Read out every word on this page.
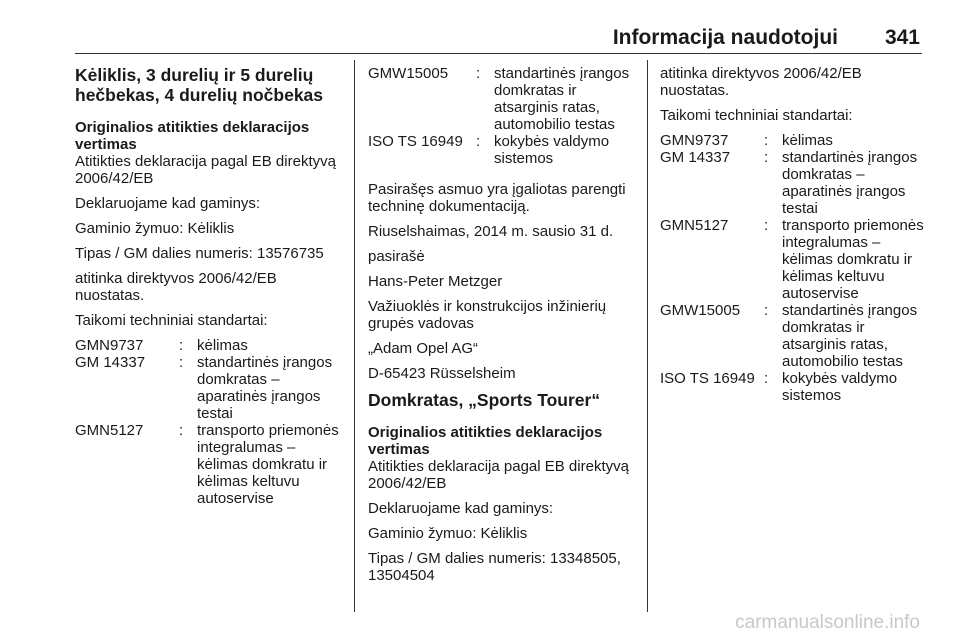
Informacija naudotojui 341
Kėliklis, 3 durelių ir 5 durelių hečbekas, 4 durelių nočbekas
Originalios atitikties deklaracijos vertimas

Atitikties deklaracija pagal EB direktyvą 2006/42/EB

Deklaruojame kad gaminys:

Gaminio žymuo: Kėliklis

Tipas / GM dalies numeris: 13576735

atitinka direktyvos 2006/42/EB nuostatas.

Taikomi techniniai standartai:

GMN9737	:	kėlimas
GM 14337	:	standartinės įrangos domkratas – aparatinės įrangos testai
GMN5127	:	transporto priemonės integralumas – kėlimas domkratu ir kėlimas keltuvu autoservise
GMW15005	:	standartinės įrangos domkratas ir atsarginis ratas, automobilio testas
ISO TS 16949	:	kokybės valdymo sistemos

Pasirašęs asmuo yra įgaliotas parengti techninę dokumentaciją.

Riuselshaimas, 2014 m. sausio 31 d.

pasirašė

Hans-Peter Metzger

Važiuoklės ir konstrukcijos inžinierių grupės vadovas

„Adam Opel AG“

D-65423 Rüsselsheim

Domkratas, „Sports Tourer“
Originalios atitikties deklaracijos vertimas

Atitikties deklaracija pagal EB direktyvą 2006/42/EB

Deklaruojame kad gaminys:

Gaminio žymuo: Kėliklis

Tipas / GM dalies numeris: 13348505, 13504504

atitinka direktyvos 2006/42/EB nuostatas.

Taikomi techniniai standartai:

GMN9737	:	kėlimas
GM 14337	:	standartinės įrangos domkratas – aparatinės įrangos testai
GMN5127	:	transporto priemonės integralumas – kėlimas domkratu ir kėlimas keltuvu autoservise
GMW15005	:	standartinės įrangos domkratas ir atsarginis ratas, automobilio testas
ISO TS 16949	:	kokybės valdymo sistemos
carmanualsonline.info
